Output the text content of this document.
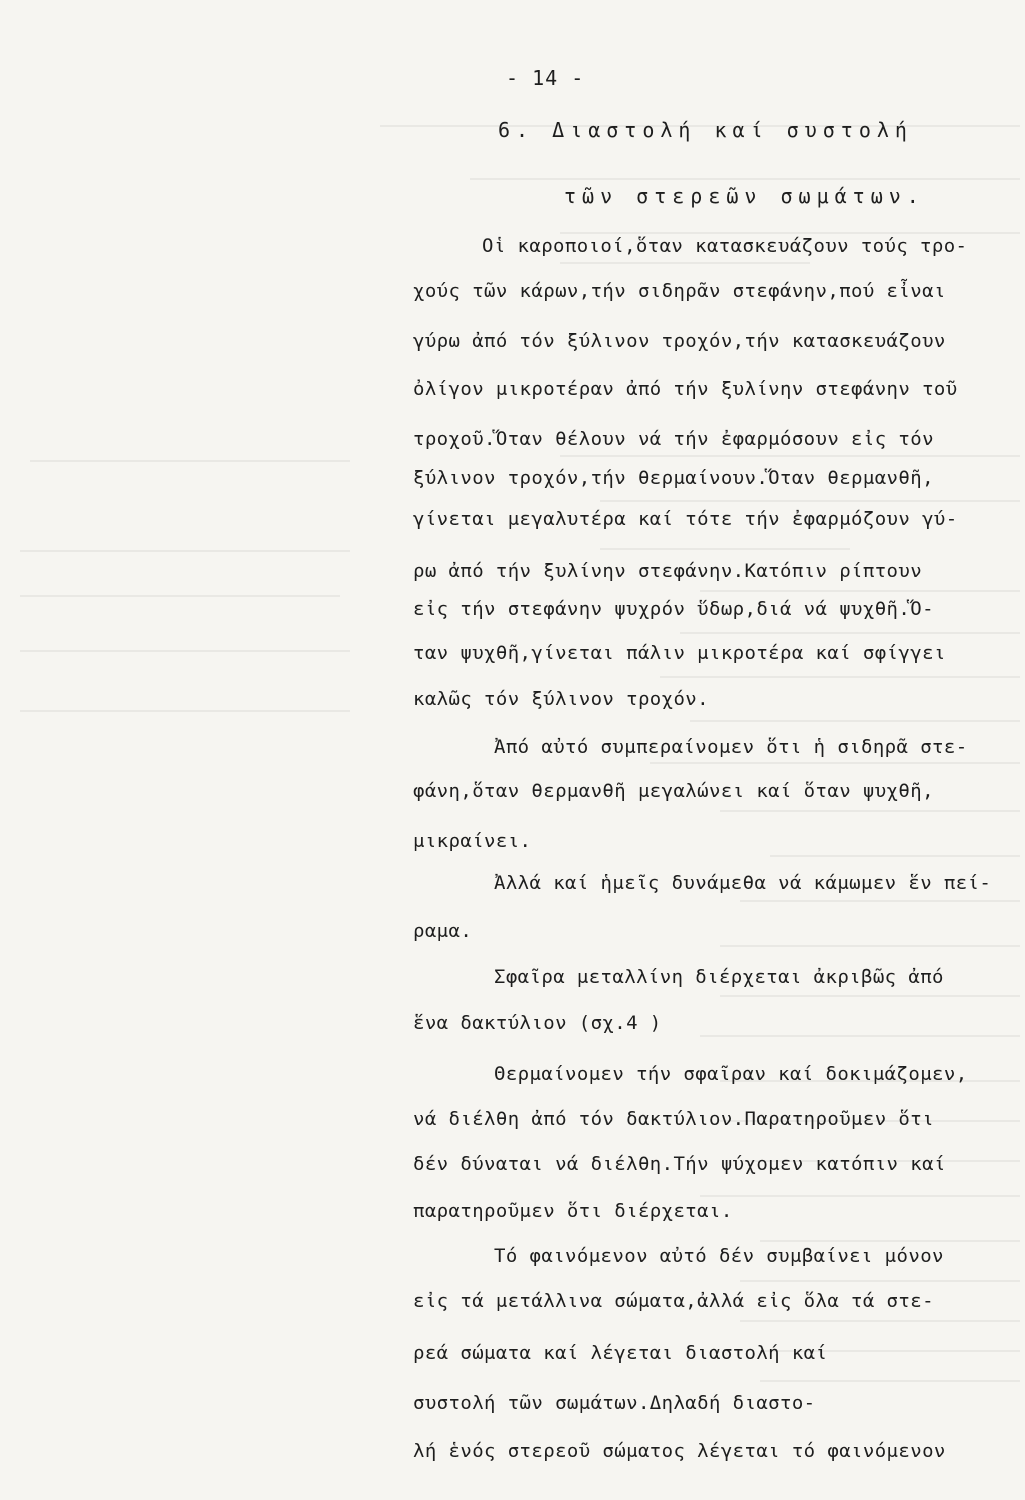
- 14 -
6. Διαστολή καί συστολή
τῶν στερεῶν σωμάτων.
Οἱ καροποιοί,ὅταν κατασκευάζουν τούς τρο-
χούς τῶν κάρων,τήν σιδηρᾶν στεφάνην,πού εἶναι
γύρω ἀπό τόν ξύλινον τροχόν,τήν κατασκευάζουν
ὀλίγον μικροτέραν ἀπό τήν ξυλίνην στεφάνην τοῦ
τροχοῦ.Ὅταν θέλουν νά τήν ἐφαρμόσουν εἰς τόν
ξύλινον τροχόν,τήν θερμαίνουν.Ὅταν θερμανθῆ,
γίνεται μεγαλυτέρα καί τότε τήν ἐφαρμόζουν γύ-
ρω ἀπό τήν ξυλίνην στεφάνην.Κατόπιν ρίπτουν
εἰς τήν στεφάνην ψυχρόν ὕδωρ,διά νά ψυχθῆ.Ὅ-
ταν ψυχθῆ,γίνεται πάλιν μικροτέρα καί σφίγγει
καλῶς τόν ξύλινον τροχόν.
Ἀπό αὐτό συμπεραίνομεν ὅτι ἡ σιδηρᾶ στε-
φάνη,ὅταν θερμανθῆ μεγαλώνει καί ὅταν ψυχθῆ,
μικραίνει.
Ἀλλά καί ἡμεῖς δυνάμεθα νά κάμωμεν ἕν πεί-
ραμα.
Σφαῖρα μεταλλίνη διέρχεται ἀκριβῶς ἀπό
ἕνα δακτύλιον (σχ.4 )
Θερμαίνομεν τήν σφαῖραν καί δοκιμάζομεν,
νά διέλθη ἀπό τόν δακτύλιον.Παρατηροῦμεν ὅτι
δέν δύναται νά διέλθη.Τήν ψύχομεν κατόπιν καί
παρατηροῦμεν ὅτι διέρχεται.
Τό φαινόμενον αὐτό δέν συμβαίνει μόνον
εἰς τά μετάλλινα σώματα,ἀλλά εἰς ὅλα τά στε-
ρεά σώματα καί λέγεται διαστολή καί
συστολή τῶν σωμάτων.Δηλαδή διαστο-
λή ἑνός στερεοῦ σώματος λέγεται τό φαινόμενον
